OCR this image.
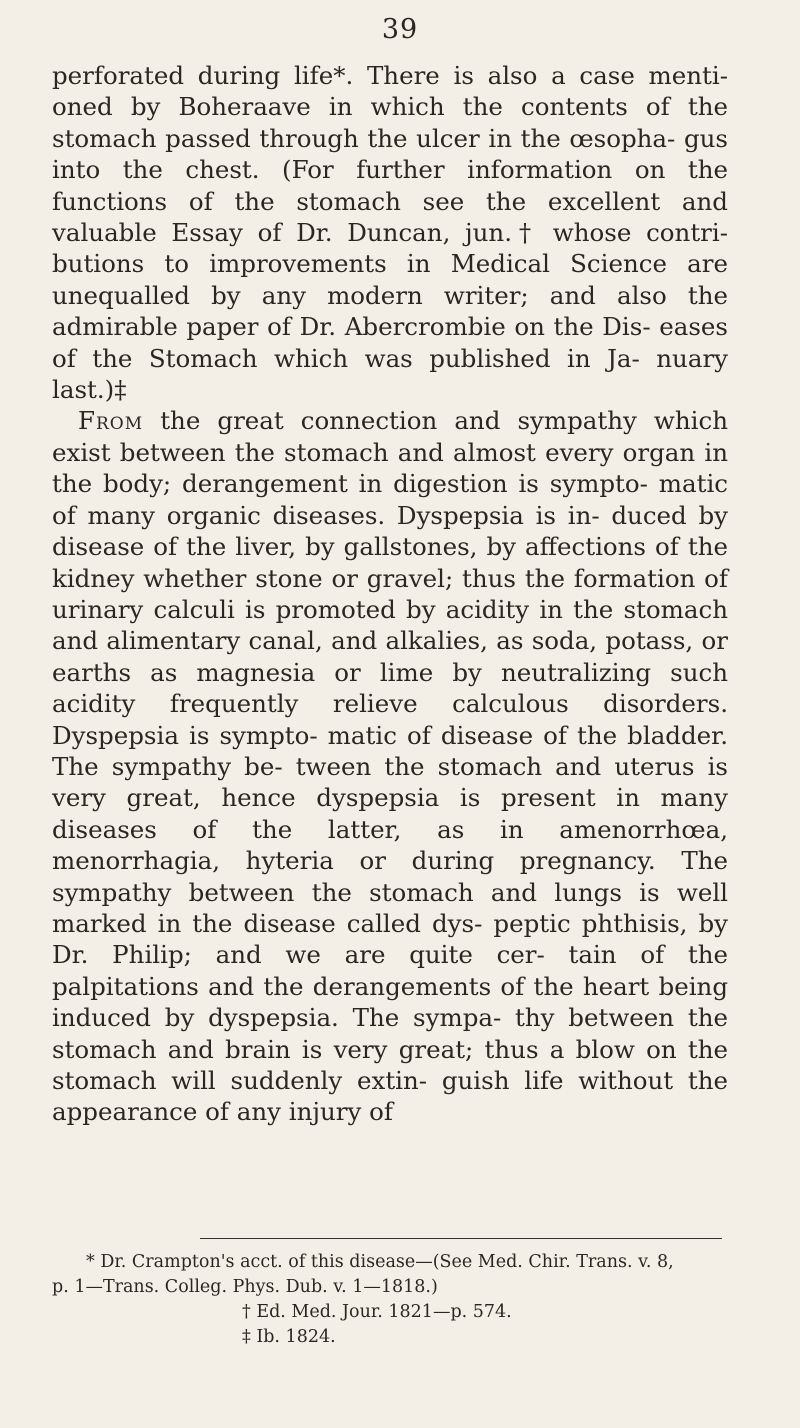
39

perforated during life*. There is also a case menti- oned by Boheraave in which the contents of the stomach passed through the ulcer in the œsopha- gus into the chest. (For further information on the functions of the stomach see the excellent and valuable Essay of Dr. Duncan, jun.† whose contri- butions to improvements in Medical Science are unequalled by any modern writer; and also the admirable paper of Dr. Abercrombie on the Dis- eases of the Stomach which was published in Ja- nuary last.)‡

From the great connection and sympathy which exist between the stomach and almost every organ in the body; derangement in digestion is sympto- matic of many organic diseases. Dyspepsia is in- duced by disease of the liver, by gallstones, by affections of the kidney whether stone or gravel; thus the formation of urinary calculi is promoted by acidity in the stomach and alimentary canal, and alkalies, as soda, potass, or earths as magnesia or lime by neutralizing such acidity frequently relieve calculous disorders. Dyspepsia is sympto- matic of disease of the bladder. The sympathy be- tween the stomach and uterus is very great, hence dyspepsia is present in many diseases of the latter, as in amenorrhœa, menorrhagia, hyteria or during pregnancy. The sympathy between the stomach and lungs is well marked in the disease called dys- peptic phthisis, by Dr. Philip; and we are quite cer- tain of the palpitations and the derangements of the heart being induced by dyspepsia. The sympa- thy between the stomach and brain is very great; thus a blow on the stomach will suddenly extin- guish life without the appearance of any injury of

* Dr. Crampton's acct. of this disease—(See Med. Chir. Trans. v. 8,

p. 1—Trans. Colleg. Phys. Dub. v. 1—1818.)

† Ed. Med. Jour. 1821—p. 574.

‡ Ib. 1824.
